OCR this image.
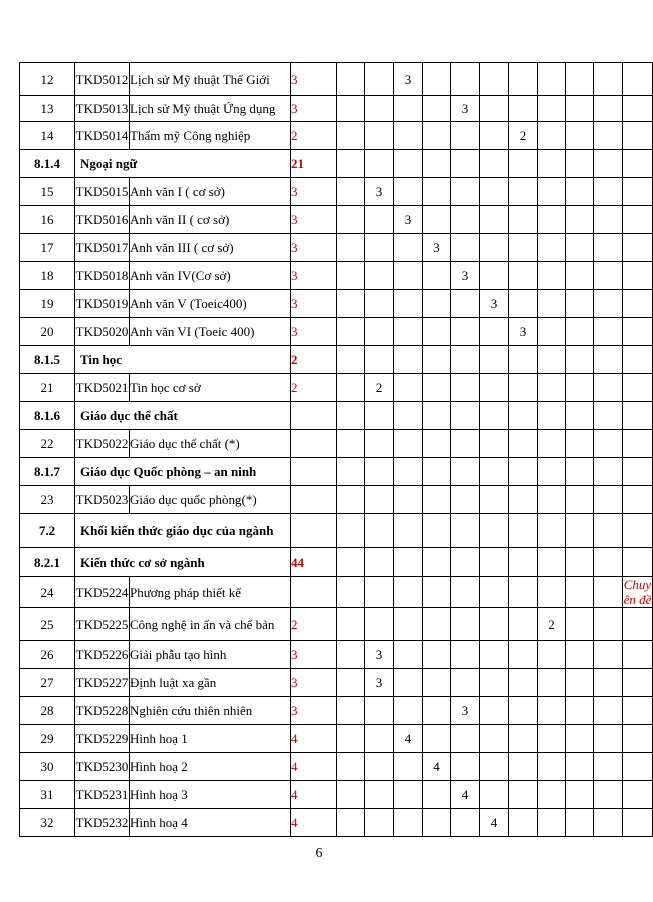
12	TKD5012	Lịch sử Mỹ thuật Thế Giới	3			3								
13	TKD5013	Lịch sử Mỹ thuật Ứng dụng	3					3						
14	TKD5014	Thẩm mỹ Công nghiệp	2							2				
8.1.4	Ngoại ngữ		21											
15	TKD5015	Anh văn I ( cơ sở)	3		3									
16	TKD5016	Anh văn II ( cơ sở)	3			3								
17	TKD5017	Anh văn III ( cơ sở)	3				3							
18	TKD5018	Anh văn IV(Cơ sở)	3					3						
19	TKD5019	Anh văn V (Toeic400)	3						3					
20	TKD5020	Anh văn VI (Toeic 400)	3							3				
8.1.5	Tin học		2											
21	TKD5021	Tin học cơ sở	2		2									
8.1.6	Giáo dục thể chất													
22	TKD5022	Giáo dục thể chất (*)												
8.1.7	Giáo dục Quốc phòng – an ninh													
23	TKD5023	Giáo dục quốc phòng(*)												
7.2	Khối kiến thức giáo dục của ngành													
8.2.1	Kiến thức cơ sở ngành		44											
24	TKD5224	Phương pháp thiết kế												Chuy ên đề
25	TKD5225	Công nghệ in ấn và chế bản	2								2			
26	TKD5226	Giải phẫu tạo hình	3		3									
27	TKD5227	Định luật xa gần	3		3									
28	TKD5228	Nghiên cứu thiên nhiên	3					3						
29	TKD5229	Hình hoạ 1	4			4								
30	TKD5230	Hình hoạ 2	4				4							
31	TKD5231	Hình hoạ 3	4					4						
32	TKD5232	Hình hoạ 4	4						4					
6
